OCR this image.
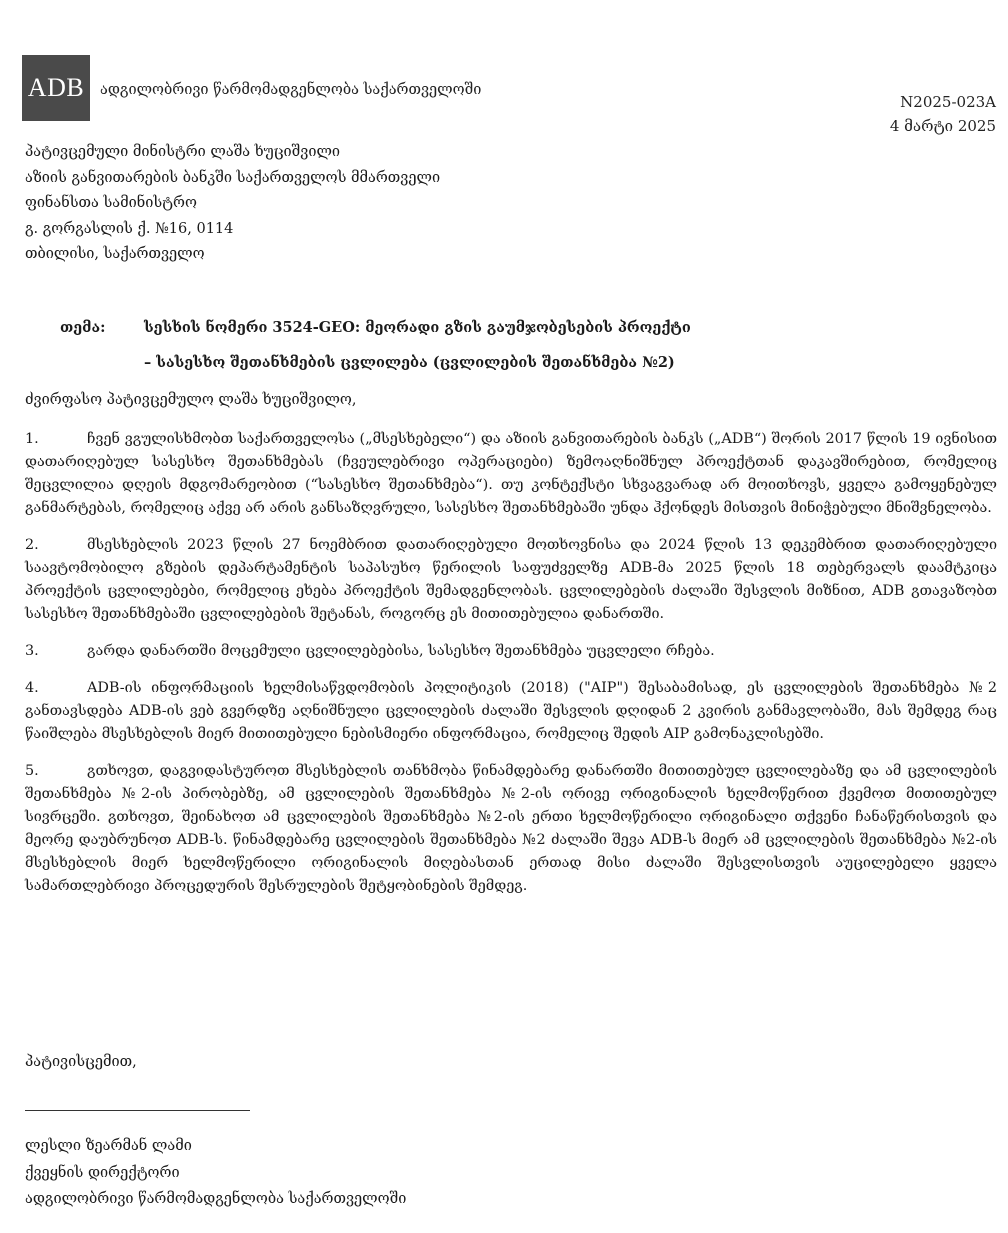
ADB ადგილობრივი წარმომადგენლობა საქართველოში
N2025-023A
4 მარტი 2025
პატივცემული მინისტრი ლაშა ხუციშვილი
აზიის განვითარების ბანკში საქართველოს მმართველი
ფინანსთა სამინისტრო
გ. გორგასლის ქ. №16, 0114
თბილისი, საქართველო
თემა:	სესხის ნომერი 3524-GEO: მეორადი გზის გაუმჯობესების პროექტი
– სასესხო შეთანხმების ცვლილება (ცვლილების შეთანხმება №2)
ძვირფასო პატივცემულო ლაშა ხუციშვილო,

1.	ჩვენ ვგულისხმობთ საქართველოსა („მსესხებელი“) და აზიის განვითარების ბანკს („ADB“) შორის 2017 წლის 19 ივნისით დათარიღებულ სასესხო შეთანხმებას (ჩვეულებრივი ოპერაციები) ზემოაღნიშნულ პროექტთან დაკავშირებით, რომელიც შეცვლილია დღეის მდგომარეობით (“სასესხო შეთანხმება“). თუ კონტექსტი სხვაგვარად არ მოითხოვს, ყველა გამოყენებულ განმარტებას, რომელიც აქვე არ არის განსაზღვრული, სასესხო შეთანხმებაში უნდა ჰქონდეს მისთვის მინიჭებული მნიშვნელობა.

2.	მსესხებლის 2023 წლის 27 ნოემბრით დათარიღებული მოთხოვნისა და 2024 წლის 13 დეკემბრით დათარიღებული საავტომობილო გზების დეპარტამენტის საპასუხო წერილის საფუძველზე ADB-მა 2025 წლის 18 თებერვალს დაამტკიცა პროექტის ცვლილებები, რომელიც ეხება პროექტის შემადგენლობას. ცვლილებების ძალაში შესვლის მიზნით, ADB გთავაზობთ სასესხო შეთანხმებაში ცვლილებების შეტანას, როგორც ეს მითითებულია დანართში.

3.	გარდა დანართში მოცემული ცვლილებებისა, სასესხო შეთანხმება უცვლელი რჩება.

4.	ADB-ის ინფორმაციის ხელმისაწვდომობის პოლიტიკის (2018) ("AIP") შესაბამისად, ეს ცვლილების შეთანხმება №2 განთავსდება ADB-ის ვებ გვერდზე აღნიშნული ცვლილების ძალაში შესვლის დღიდან 2 კვირის განმავლობაში, მას შემდეგ რაც წაიშლება მსესხებლის მიერ მითითებული ნებისმიერი ინფორმაცია, რომელიც შედის AIP გამონაკლისებში.

5.	გთხოვთ, დაგვიდასტუროთ მსესხებლის თანხმობა წინამდებარე დანართში მითითებულ ცვლილებაზე და ამ ცვლილების შეთანხმება №2-ის პირობებზე, ამ ცვლილების შეთანხმება №2-ის ორივე ორიგინალის ხელმოწერით ქვემოთ მითითებულ სივრცეში. გთხოვთ, შეინახოთ ამ ცვლილების შეთანხმება №2-ის ერთი ხელმოწერილი ორიგინალი თქვენი ჩანაწერისთვის და მეორე დაუბრუნოთ ADB-ს. წინამდებარე ცვლილების შეთანხმება №2 ძალაში შევა ADB-ს მიერ ამ ცვლილების შეთანხმება №2-ის მსესხებლის მიერ ხელმოწერილი ორიგინალის მიღებასთან ერთად მისი ძალაში შესვლისთვის აუცილებელი ყველა სამართლებრივი პროცედურის შესრულების შეტყობინების შემდეგ.

პატივისცემით,
ლესლი ზეარმან ლამი
ქვეყნის დირექტორი
ადგილობრივი წარმომადგენლობა საქართველოში
